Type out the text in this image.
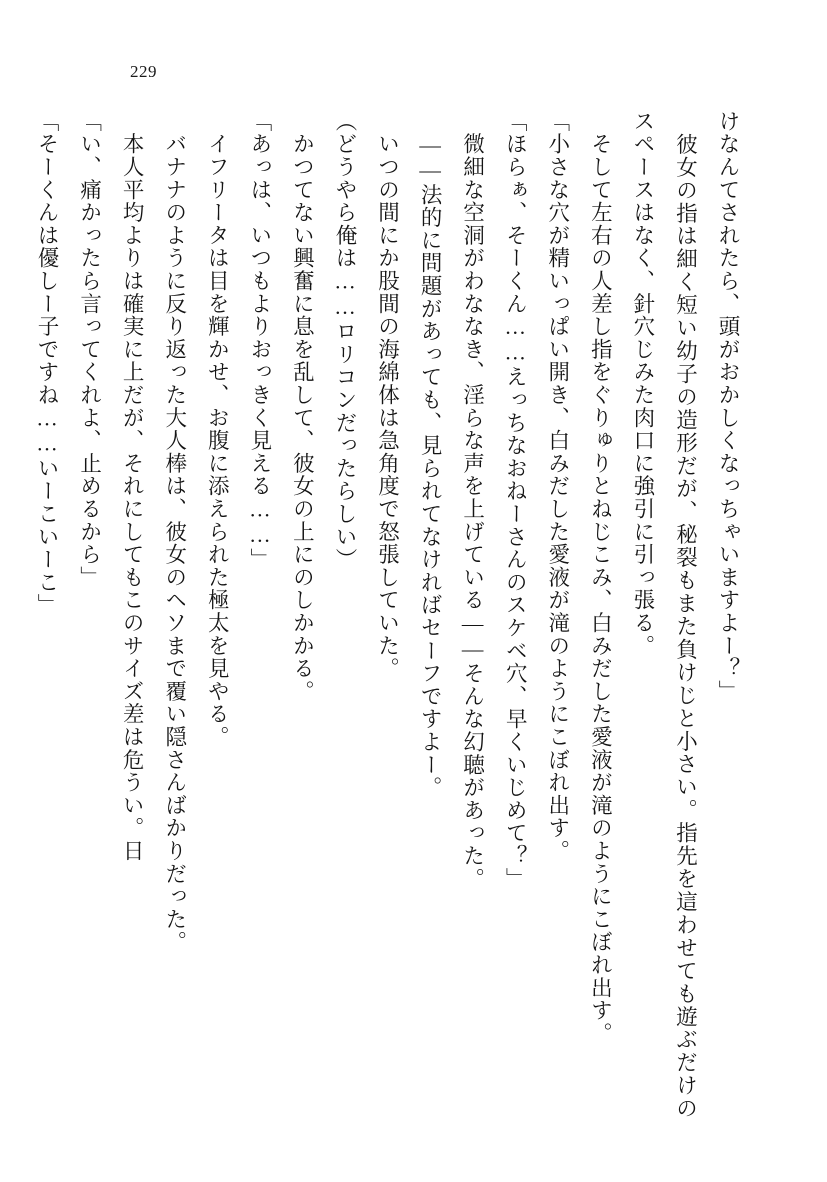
229

けなんてされたら、頭がおかしくなっちゃいますよー？」

　彼女の指は細く短い幼子の造形だが、秘裂もまた負けじと小さい。指先を這わせても遊ぶだけのスペースはなく、針穴じみた肉口に強引に引っ張る。

　そして左右の人差し指をぐりゅりとねじこみ、白みだした愛液が滝のようにこぼれ出す。

「小さな穴が精いっぱい開き、白みだした愛液が滝のようにこぼれ出す。

「ほらぁ、そーくん……えっちなおねーさんのスケベ穴、早くいじめて？」

　微細な空洞がわななき、淫らな声を上げている――そんな幻聴があった。

　――法的に問題があっても、見られてなければセーフですよー。

　いつの間にか股間の海綿体は急角度で怒張していた。

（どうやら俺は……ロリコンだったらしい）

　かつてない興奮に息を乱して、彼女の上にのしかかる。

「あっは、いつもよりおっきく見える……」

　イフリータは目を輝かせ、お腹に添えられた極太を見やる。

　バナナのように反り返った大人棒は、彼女のヘソまで覆い隠さんばかりだった。

　本人平均よりは確実に上だが、それにしてもこのサイズ差は危うい。日

「い、痛かったら言ってくれよ、止めるから」

「そーくんは優しー子ですね……いーこいーこ」
